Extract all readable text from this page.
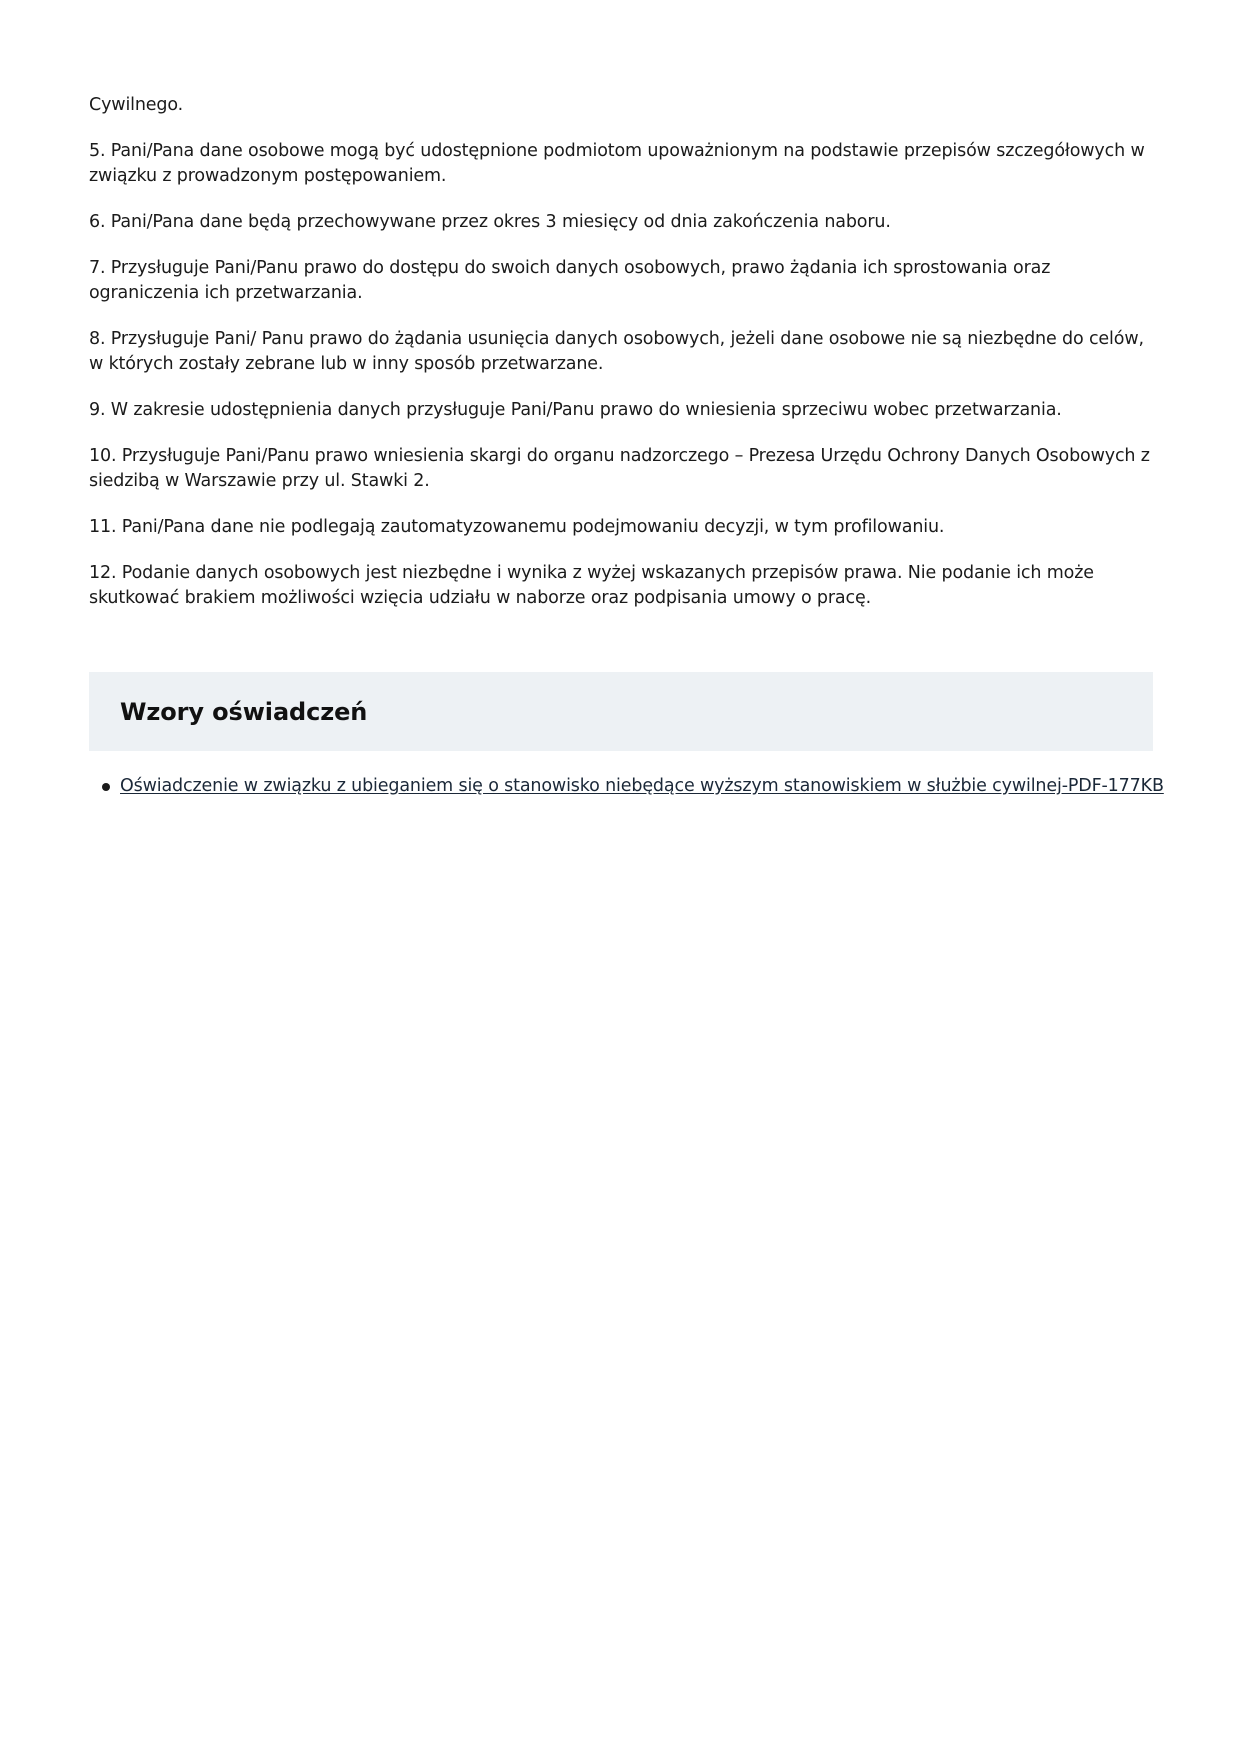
Cywilnego.

5. Pani/Pana dane osobowe mogą być udostępnione podmiotom upoważnionym na podstawie przepisów szczegółowych w związku z prowadzonym postępowaniem.

6. Pani/Pana dane będą przechowywane przez okres 3 miesięcy od dnia zakończenia naboru.

7. Przysługuje Pani/Panu prawo do dostępu do swoich danych osobowych, prawo żądania ich sprostowania oraz ograniczenia ich przetwarzania.

8. Przysługuje Pani/ Panu prawo do żądania usunięcia danych osobowych, jeżeli dane osobowe nie są niezbędne do celów, w których zostały zebrane lub w inny sposób przetwarzane.

9. W zakresie udostępnienia danych przysługuje Pani/Panu prawo do wniesienia sprzeciwu wobec przetwarzania.

10. Przysługuje Pani/Panu prawo wniesienia skargi do organu nadzorczego – Prezesa Urzędu Ochrony Danych Osobowych z siedzibą w Warszawie przy ul. Stawki 2.

11. Pani/Pana dane nie podlegają zautomatyzowanemu podejmowaniu decyzji, w tym profilowaniu.

12. Podanie danych osobowych jest niezbędne i wynika z wyżej wskazanych przepisów prawa. Nie podanie ich może skutkować brakiem możliwości wzięcia udziału w naborze oraz podpisania umowy o pracę.

Wzory oświadczeń
Oświadczenie w związku z ubieganiem się o stanowisko niebędące wyższym stanowiskiem w służbie cywilnej-PDF-177KB
